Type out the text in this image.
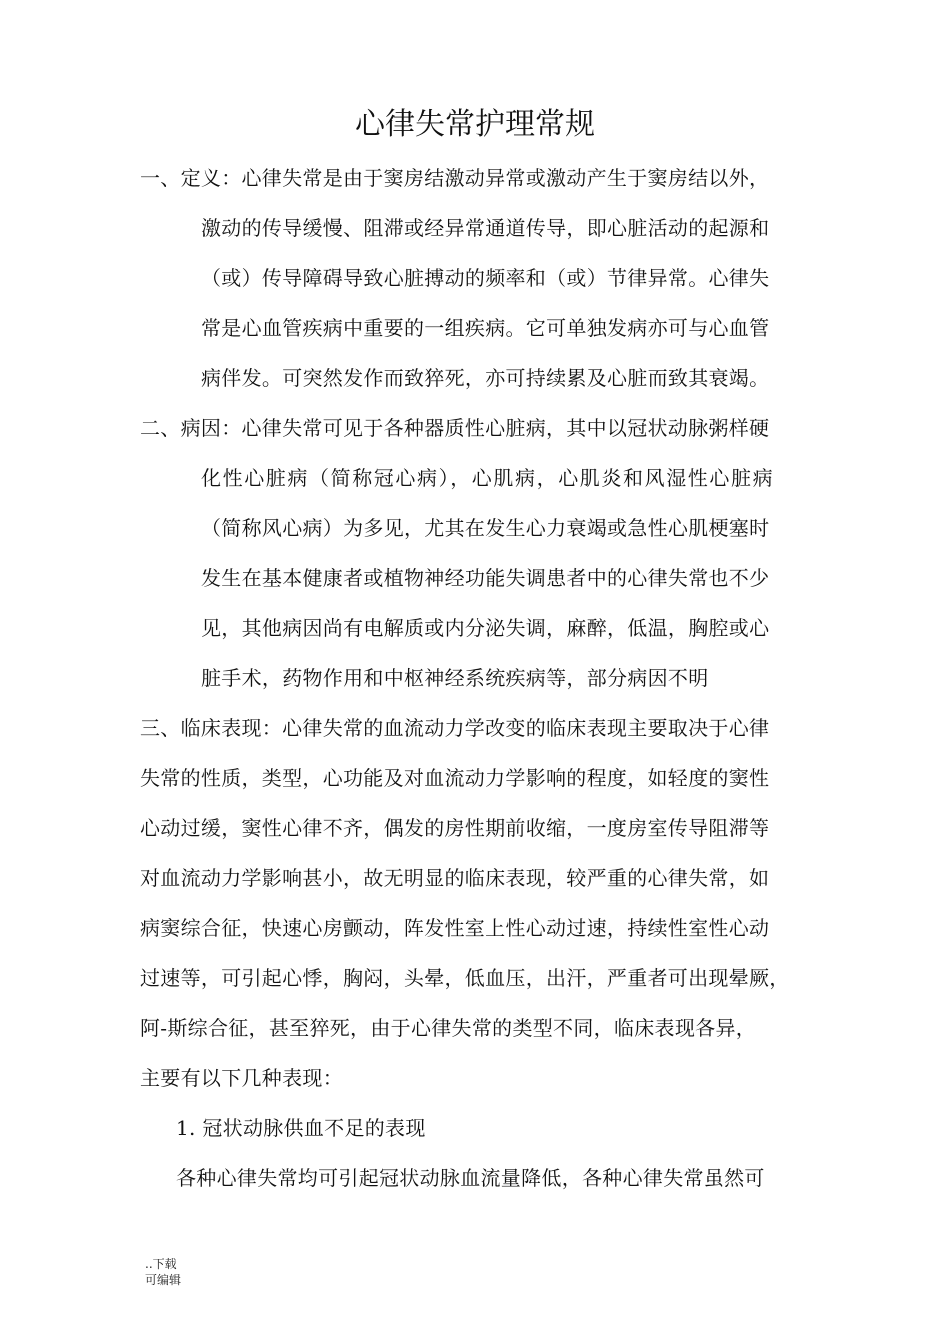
心律失常护理常规
一、定义：心律失常是由于窦房结激动异常或激动产生于窦房结以外，
激动的传导缓慢、阻滞或经异常通道传导，即心脏活动的起源和
（或）传导障碍导致心脏搏动的频率和（或）节律异常。心律失
常是心血管疾病中重要的一组疾病。它可单独发病亦可与心血管
病伴发。可突然发作而致猝死，亦可持续累及心脏而致其衰竭。
二、病因：心律失常可见于各种器质性心脏病，其中以冠状动脉粥样硬
化性心脏病（简称冠心病），心肌病，心肌炎和风湿性心脏病
（简称风心病）为多见，尤其在发生心力衰竭或急性心肌梗塞时
发生在基本健康者或植物神经功能失调患者中的心律失常也不少
见，其他病因尚有电解质或内分泌失调，麻醉，低温，胸腔或心
脏手术，药物作用和中枢神经系统疾病等，部分病因不明
三、临床表现：心律失常的血流动力学改变的临床表现主要取决于心律
失常的性质，类型，心功能及对血流动力学影响的程度，如轻度的窦性
心动过缓，窦性心律不齐，偶发的房性期前收缩，一度房室传导阻滞等
对血流动力学影响甚小，故无明显的临床表现，较严重的心律失常，如
病窦综合征，快速心房颤动，阵发性室上性心动过速，持续性室性心动
过速等，可引起心悸，胸闷，头晕，低血压，出汗，严重者可出现晕厥，
阿-斯综合征，甚至猝死，由于心律失常的类型不同，临床表现各异，
主要有以下几种表现：
1. 冠状动脉供血不足的表现
各种心律失常均可引起冠状动脉血流量降低，各种心律失常虽然可
..下载
可编辑
